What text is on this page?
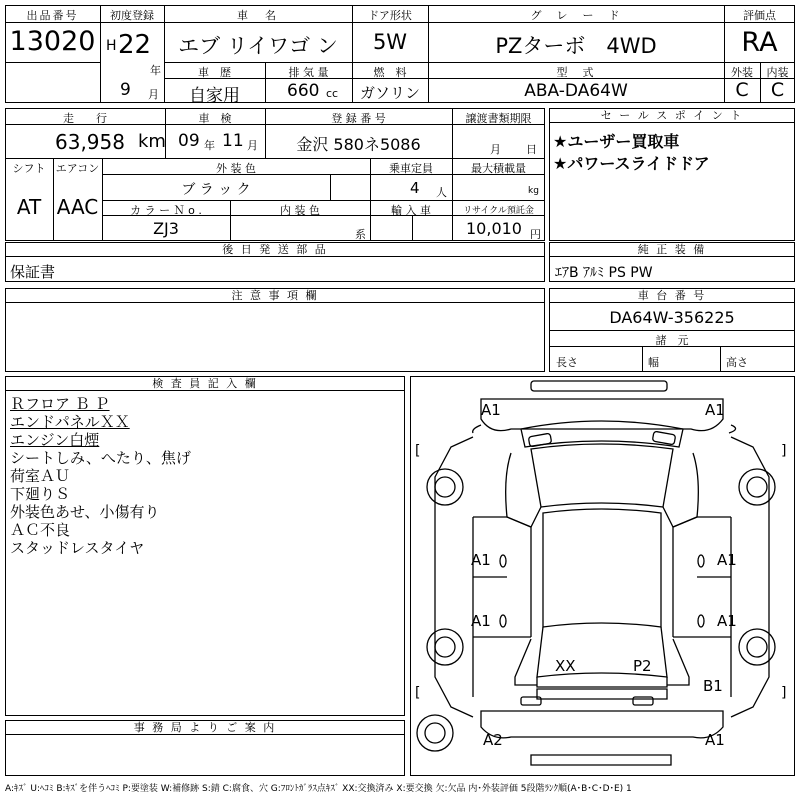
出品番号
13020
初度登録
H 22
年
9 月
車　名
エブ リイワゴ ン
ドア形状
5W
グ　レ　ー　ド
PZターボ　4WD
評価点
RA
車　歴
自家用
排 気 量
660 cc
燃　料
ガソリン
型　式
ABA-DA64W
外装
C
内装
C
走　　行
63,958 km
車　検
09 年 11 月
登 録 番 号
金沢 580ネ5086
譲渡書類期限
月 日
シフト
AT
エアコン
AAC
外 装 色
ブ ラ ッ ク
乗車定員
4 人
最大積載量
kg
カ ラ ー Ｎ o .
ZJ3
内 装 色
系
輸 入 車	リサイクル預託金
10,010 円
セ ー ル ス ポ イ ン ト
★ユーザー買取車
★パワースライドドア
後 日 発 送 部 品
保証書
純 正 装 備
ｴｱB ｱﾙﾐ PS PW
注 意 事 項 欄	車 台 番 号
DA64W-356225
諸　元
長さ	幅	高さ
検 査 員 記 入 欄
Ｒフロア Ｂ Ｐ
エンドパネルＸＸ
エンジン白煙
シートしみ、へたり、焦げ
荷室ＡＵ
下廻りＳ
外装色あせ、小傷有り
ＡＣ不良
スタッドレスタイヤ
事 務 局 よ り ご 案 内
[	]
[	]
A1	A1
A1	A1
A1	A1
XX	P2
B1
A2	A1
A:ｷｽﾞ U:ﾍｺﾐ B:ｷｽﾞを伴うﾍｺﾐ P:要塗装 W:補修跡 S:錆 C:腐食、穴 G:ﾌﾛﾝﾄｶﾞﾗｽ点ｷｽﾞ XX:交換済み X:要交換 欠:欠品 内･外装評価 5段階ﾗﾝｸ順(A･B･C･D･E) 1
